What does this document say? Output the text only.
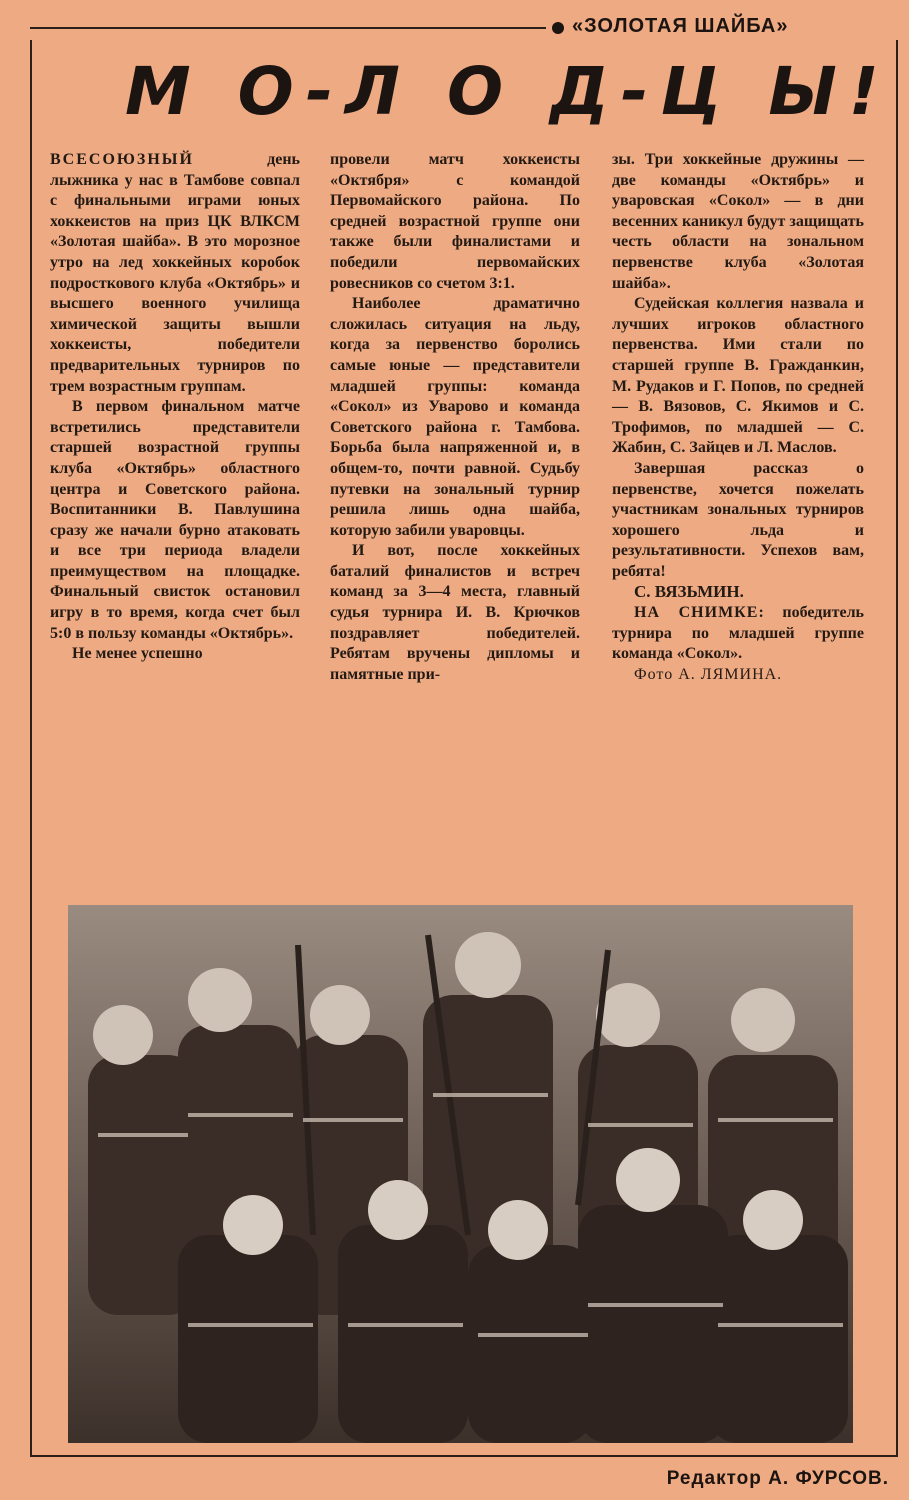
«ЗОЛОТАЯ ШАЙБА»
М О-Л О Д-Ц Ы!

ВСЕСОЮЗНЫЙ	день лыжника у нас в Тамбове совпал с финальными играми юных хоккеистов на приз ЦК ВЛКСМ «Золотая шайба». В это морозное утро на лед хоккейных коробок подросткового клуба «Октябрь» и высшего военного училища химической защиты вышли хоккеисты, победители предварительных турниров по трем возрастным группам.

В первом финальном матче встретились представители старшей возрастной группы клуба «Октябрь» областного центра и Советского района. Воспитанники В. Павлушина сразу же начали бурно атаковать и все три периода владели преимуществом на площадке. Финальный свисток остановил игру в то время, когда счет был 5:0 в пользу команды «Октябрь».

Не менее успешно

провели матч хоккеисты «Октября» с командой Первомайского района. По средней возрастной группе они также были финалистами и победили первомайских ровесников со счетом 3:1.

Наиболее драматично сложилась ситуация на льду, когда за первенство боролись самые юные — представители младшей группы: команда «Сокол» из Уварово и команда Советского района г. Тамбова. Борьба была напряженной и, в общем-то, почти равной. Судьбу путевки на зональный турнир решила лишь одна шайба, которую забили уваровцы.

И вот, после хоккейных баталий финалистов и встреч команд за 3—4 места, главный судья турнира И. В. Крючков поздравляет победителей. Ребятам вручены дипломы и памятные при-

зы. Три хоккейные дружины — две команды «Октябрь» и уваровская «Сокол» — в дни весенних каникул будут защищать честь области на зональном первенстве клуба «Золотая шайба».

Судейская коллегия назвала и лучших игроков областного первенства. Ими стали по старшей группе В. Гражданкин, М. Рудаков и Г. Попов, по средней — В. Вязовов, С. Якимов и С. Трофимов, по младшей — С. Жабин, С. Зайцев и Л. Маслов.

Завершая рассказ о первенстве, хочется пожелать участникам зональных турниров хорошего льда и результативности. Успехов вам, ребята!

С. ВЯЗЬМИН.

НА СНИМКЕ: победитель турнира по младшей группе команда «Сокол».

Фото А. ЛЯМИНА.

Редактор А. ФУРСОВ.
